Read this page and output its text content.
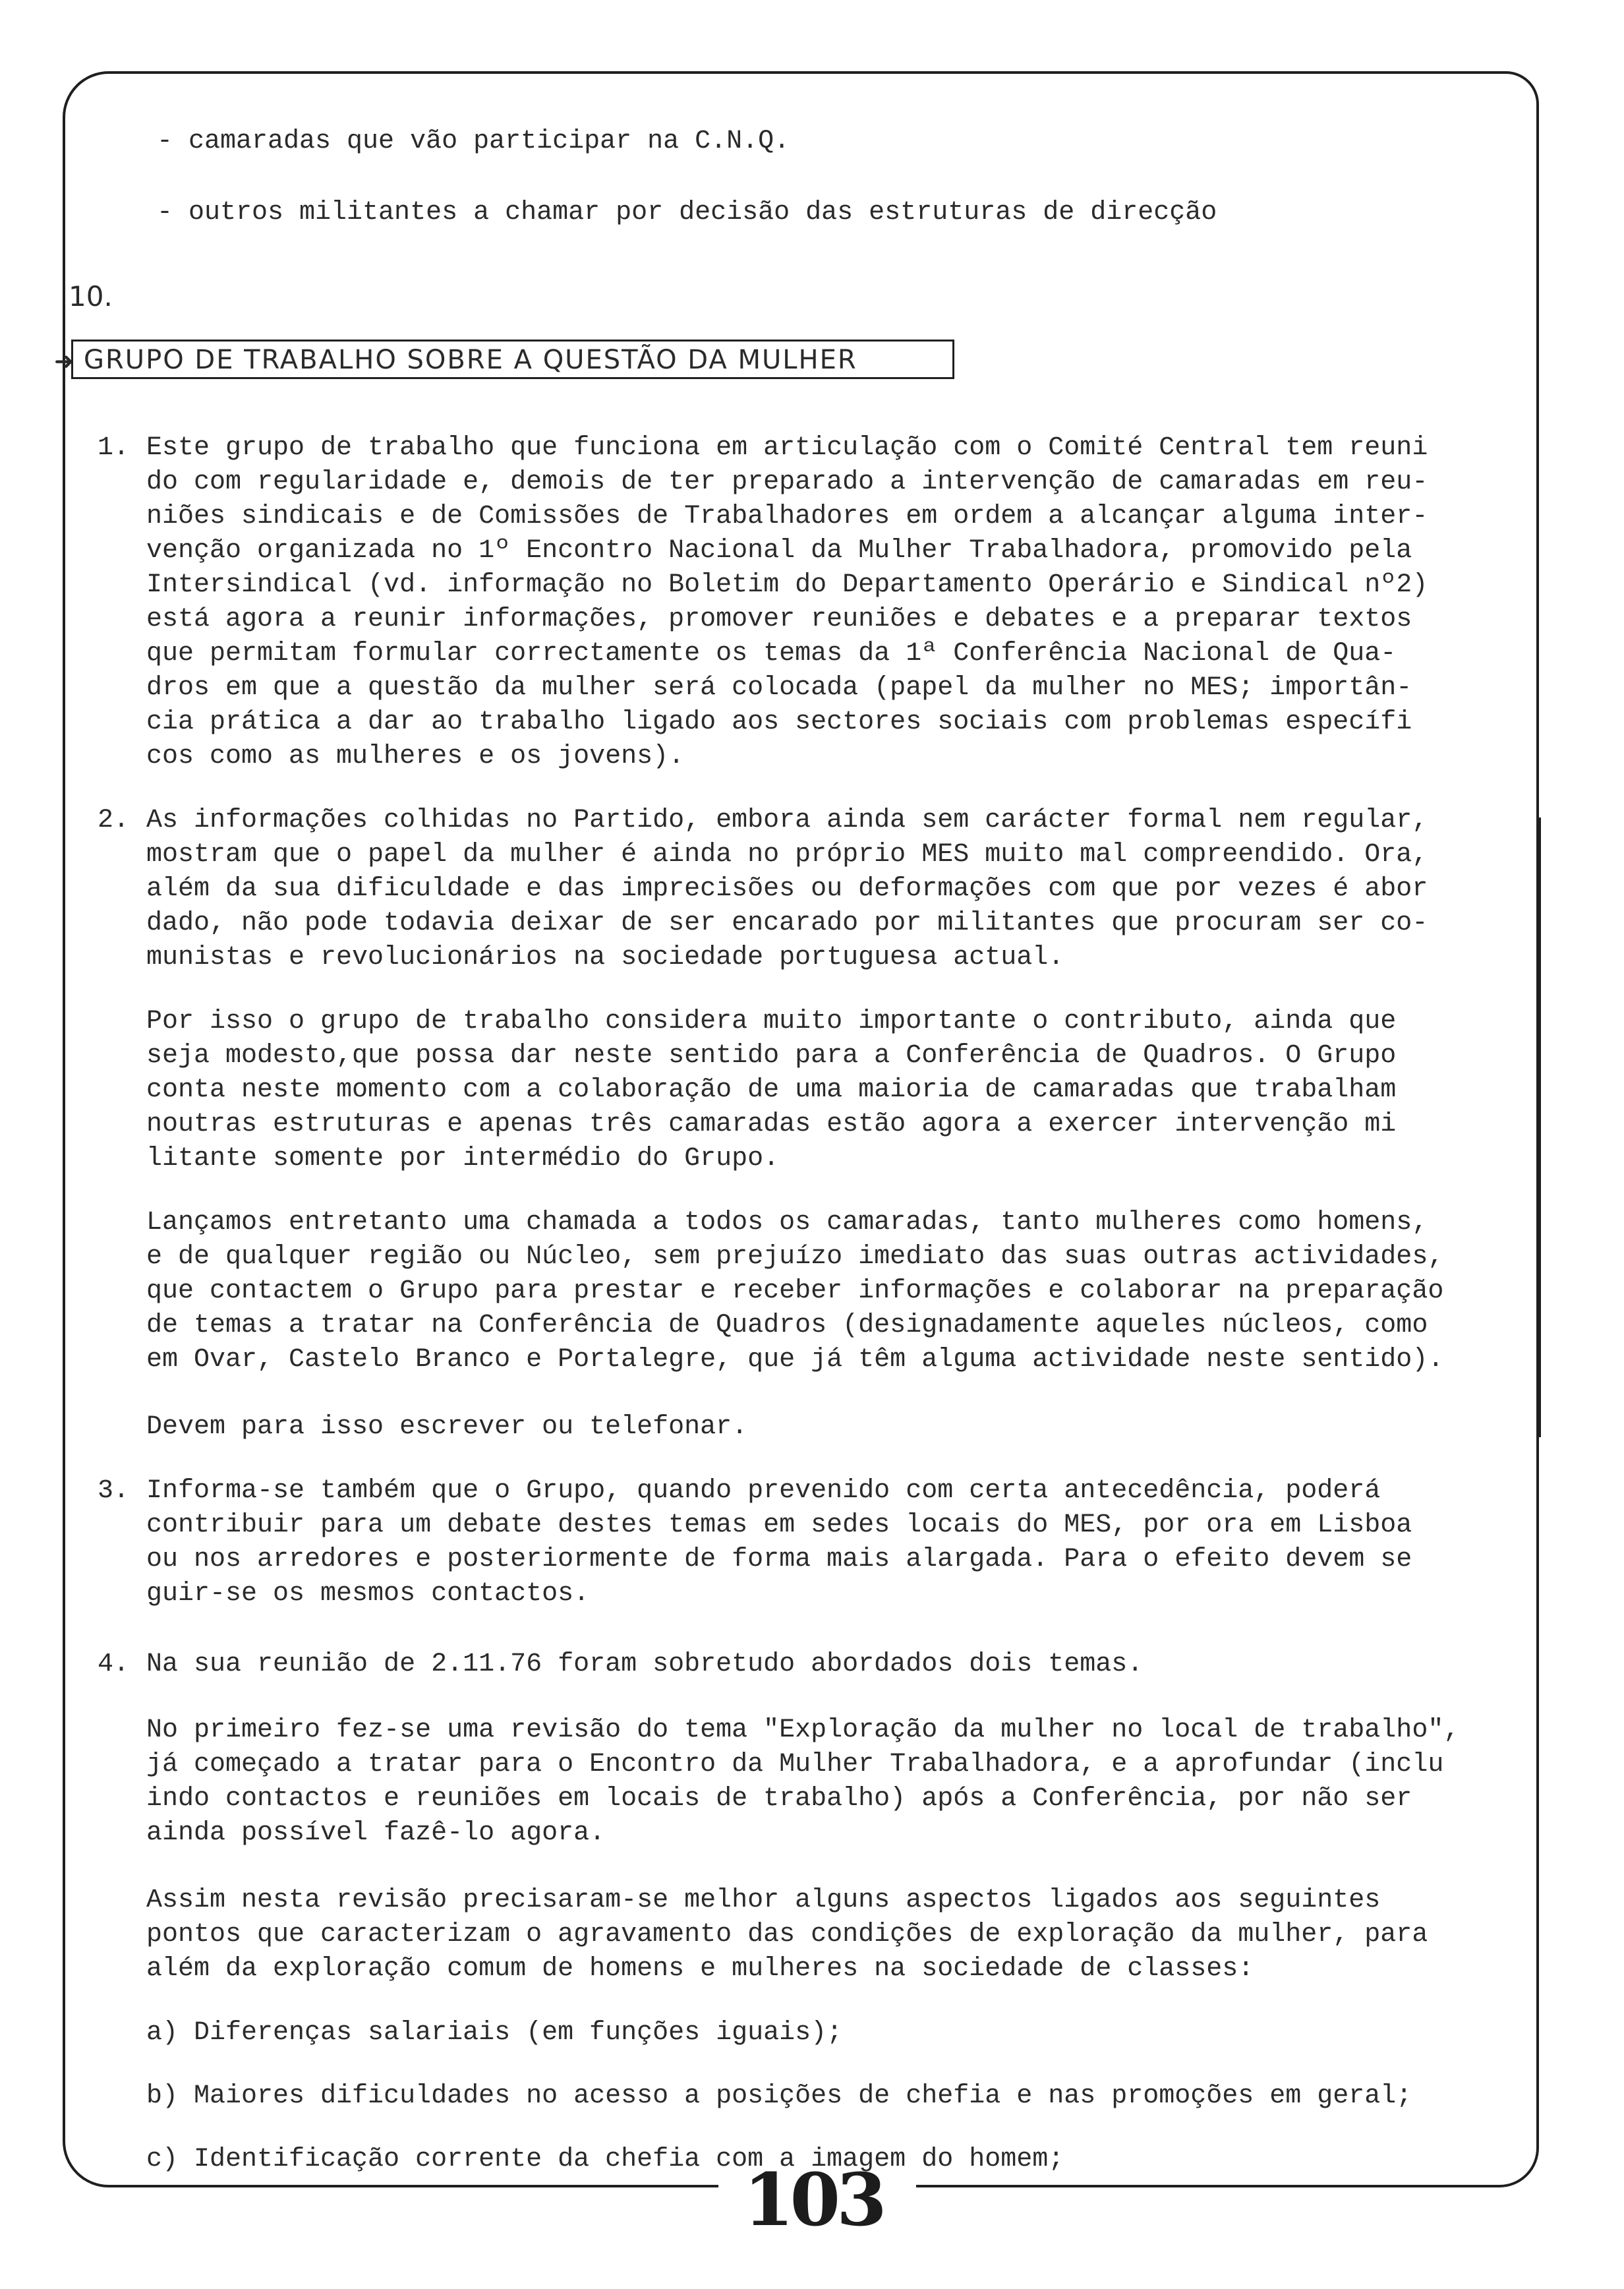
- camaradas que vão participar na C.N.Q.
- outros militantes a chamar por decisão das estruturas de direcção
10.
➜ GRUPO DE TRABALHO SOBRE A QUESTÃO DA MULHER
1. Este grupo de trabalho que funciona em articulação com o Comité Central tem reuni
do com regularidade e, demois de ter preparado a intervenção de camaradas em reu-
niões sindicais e de Comissões de Trabalhadores em ordem a alcançar alguma inter-
venção organizada no 1º Encontro Nacional da Mulher Trabalhadora, promovido pela
Intersindical (vd. informação no Boletim do Departamento Operário e Sindical nº2)
está agora a reunir informações, promover reuniões e debates e a preparar textos
que permitam formular correctamente os temas da 1ª Conferência Nacional de Qua-
dros em que a questão da mulher será colocada (papel da mulher no MES; importân-
cia prática a dar ao trabalho ligado aos sectores sociais com problemas específi
cos como as mulheres e os jovens).
2. As informações colhidas no Partido, embora ainda sem carácter formal nem regular,
mostram que o papel da mulher é ainda no próprio MES muito mal compreendido. Ora,
além da sua dificuldade e das imprecisões ou deformações com que por vezes é abor
dado, não pode todavia deixar de ser encarado por militantes que procuram ser co-
munistas e revolucionários na sociedade portuguesa actual.
Por isso o grupo de trabalho considera muito importante o contributo, ainda que
seja modesto,que possa dar neste sentido para a Conferência de Quadros. O Grupo
conta neste momento com a colaboração de uma maioria de camaradas que trabalham
noutras estruturas e apenas três camaradas estão agora a exercer intervenção mi
litante somente por intermédio do Grupo.
Lançamos entretanto uma chamada a todos os camaradas, tanto mulheres como homens,
e de qualquer região ou Núcleo, sem prejuízo imediato das suas outras actividades,
que contactem o Grupo para prestar e receber informações e colaborar na preparação
de temas a tratar na Conferência de Quadros (designadamente aqueles núcleos, como
em Ovar, Castelo Branco e Portalegre, que já têm alguma actividade neste sentido).
Devem para isso escrever ou telefonar.
3. Informa-se também que o Grupo, quando prevenido com certa antecedência, poderá
contribuir para um debate destes temas em sedes locais do MES, por ora em Lisboa
ou nos arredores e posteriormente de forma mais alargada. Para o efeito devem se
guir-se os mesmos contactos.
4. Na sua reunião de 2.11.76 foram sobretudo abordados dois temas.
No primeiro fez-se uma revisão do tema "Exploração da mulher no local de trabalho",
já começado a tratar para o Encontro da Mulher Trabalhadora, e a aprofundar (inclu
indo contactos e reuniões em locais de trabalho) após a Conferência, por não ser
ainda possível fazê-lo agora.
Assim nesta revisão precisaram-se melhor alguns aspectos ligados aos seguintes
pontos que caracterizam o agravamento das condições de exploração da mulher, para
além da exploração comum de homens e mulheres na sociedade de classes:
a) Diferenças salariais (em funções iguais);
b) Maiores dificuldades no acesso a posições de chefia e nas promoções em geral;
c) Identificação corrente da chefia com a imagem do homem;
103
